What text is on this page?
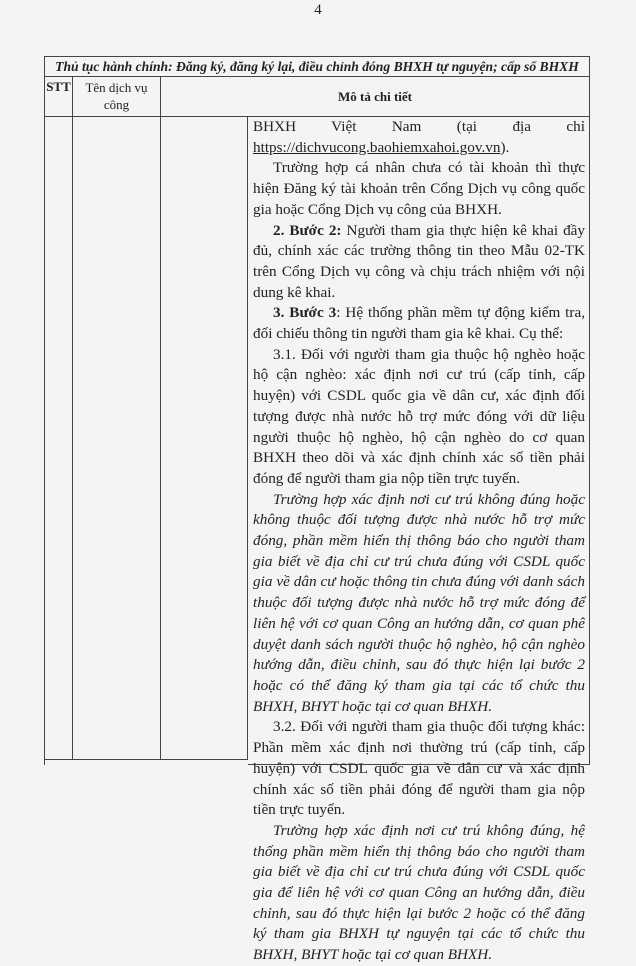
4
Thủ tục hành chính: Đăng ký, đăng ký lại, điều chỉnh đóng BHXH tự nguyện; cấp số BHXH
STT	Tên dịch vụ công
Mô tả chi tiết

BHXH Việt Nam (tại địa chỉ https://dichvucong.baohiemxahoi.gov.vn).

Trường hợp cá nhân chưa có tài khoản thì thực hiện Đăng ký tài khoản trên Cổng Dịch vụ công quốc gia hoặc Cổng Dịch vụ công của BHXH.

2. Bước 2: Người tham gia thực hiện kê khai đầy đủ, chính xác các trường thông tin theo Mẫu 02-TK trên Cổng Dịch vụ công và chịu trách nhiệm với nội dung kê khai.

3. Bước 3: Hệ thống phần mềm tự động kiểm tra, đối chiếu thông tin người tham gia kê khai. Cụ thể:

3.1. Đối với người tham gia thuộc hộ nghèo hoặc hộ cận nghèo: xác định nơi cư trú (cấp tỉnh, cấp huyện) với CSDL quốc gia về dân cư, xác định đối tượng được nhà nước hỗ trợ mức đóng với dữ liệu người thuộc hộ nghèo, hộ cận nghèo do cơ quan BHXH theo dõi và xác định chính xác số tiền phải đóng để người tham gia nộp tiền trực tuyến.

Trường hợp xác định nơi cư trú không đúng hoặc không thuộc đối tượng được nhà nước hỗ trợ mức đóng, phần mềm hiển thị thông báo cho người tham gia biết về địa chỉ cư trú chưa đúng với CSDL quốc gia về dân cư hoặc thông tin chưa đúng với danh sách thuộc đối tượng được nhà nước hỗ trợ mức đóng để liên hệ với cơ quan Công an hướng dẫn, cơ quan phê duyệt danh sách người thuộc hộ nghèo, hộ cận nghèo hướng dẫn, điều chỉnh, sau đó thực hiện lại bước 2 hoặc có thể đăng ký tham gia tại các tổ chức thu BHXH, BHYT hoặc tại cơ quan BHXH.

3.2. Đối với người tham gia thuộc đối tượng khác: Phần mềm xác định nơi thường trú (cấp tỉnh, cấp huyện) với CSDL quốc gia về dân cư và xác định chính xác số tiền phải đóng để người tham gia nộp tiền trực tuyến.

Trường hợp xác định nơi cư trú không đúng, hệ thống phần mềm hiển thị thông báo cho người tham gia biết về địa chỉ cư trú chưa đúng với CSDL quốc gia để liên hệ với cơ quan Công an hướng dẫn, điều chỉnh, sau đó thực hiện lại bước 2 hoặc có thể đăng ký tham gia BHXH tự nguyện tại các tổ chức thu BHXH, BHYT hoặc tại cơ quan BHXH.
